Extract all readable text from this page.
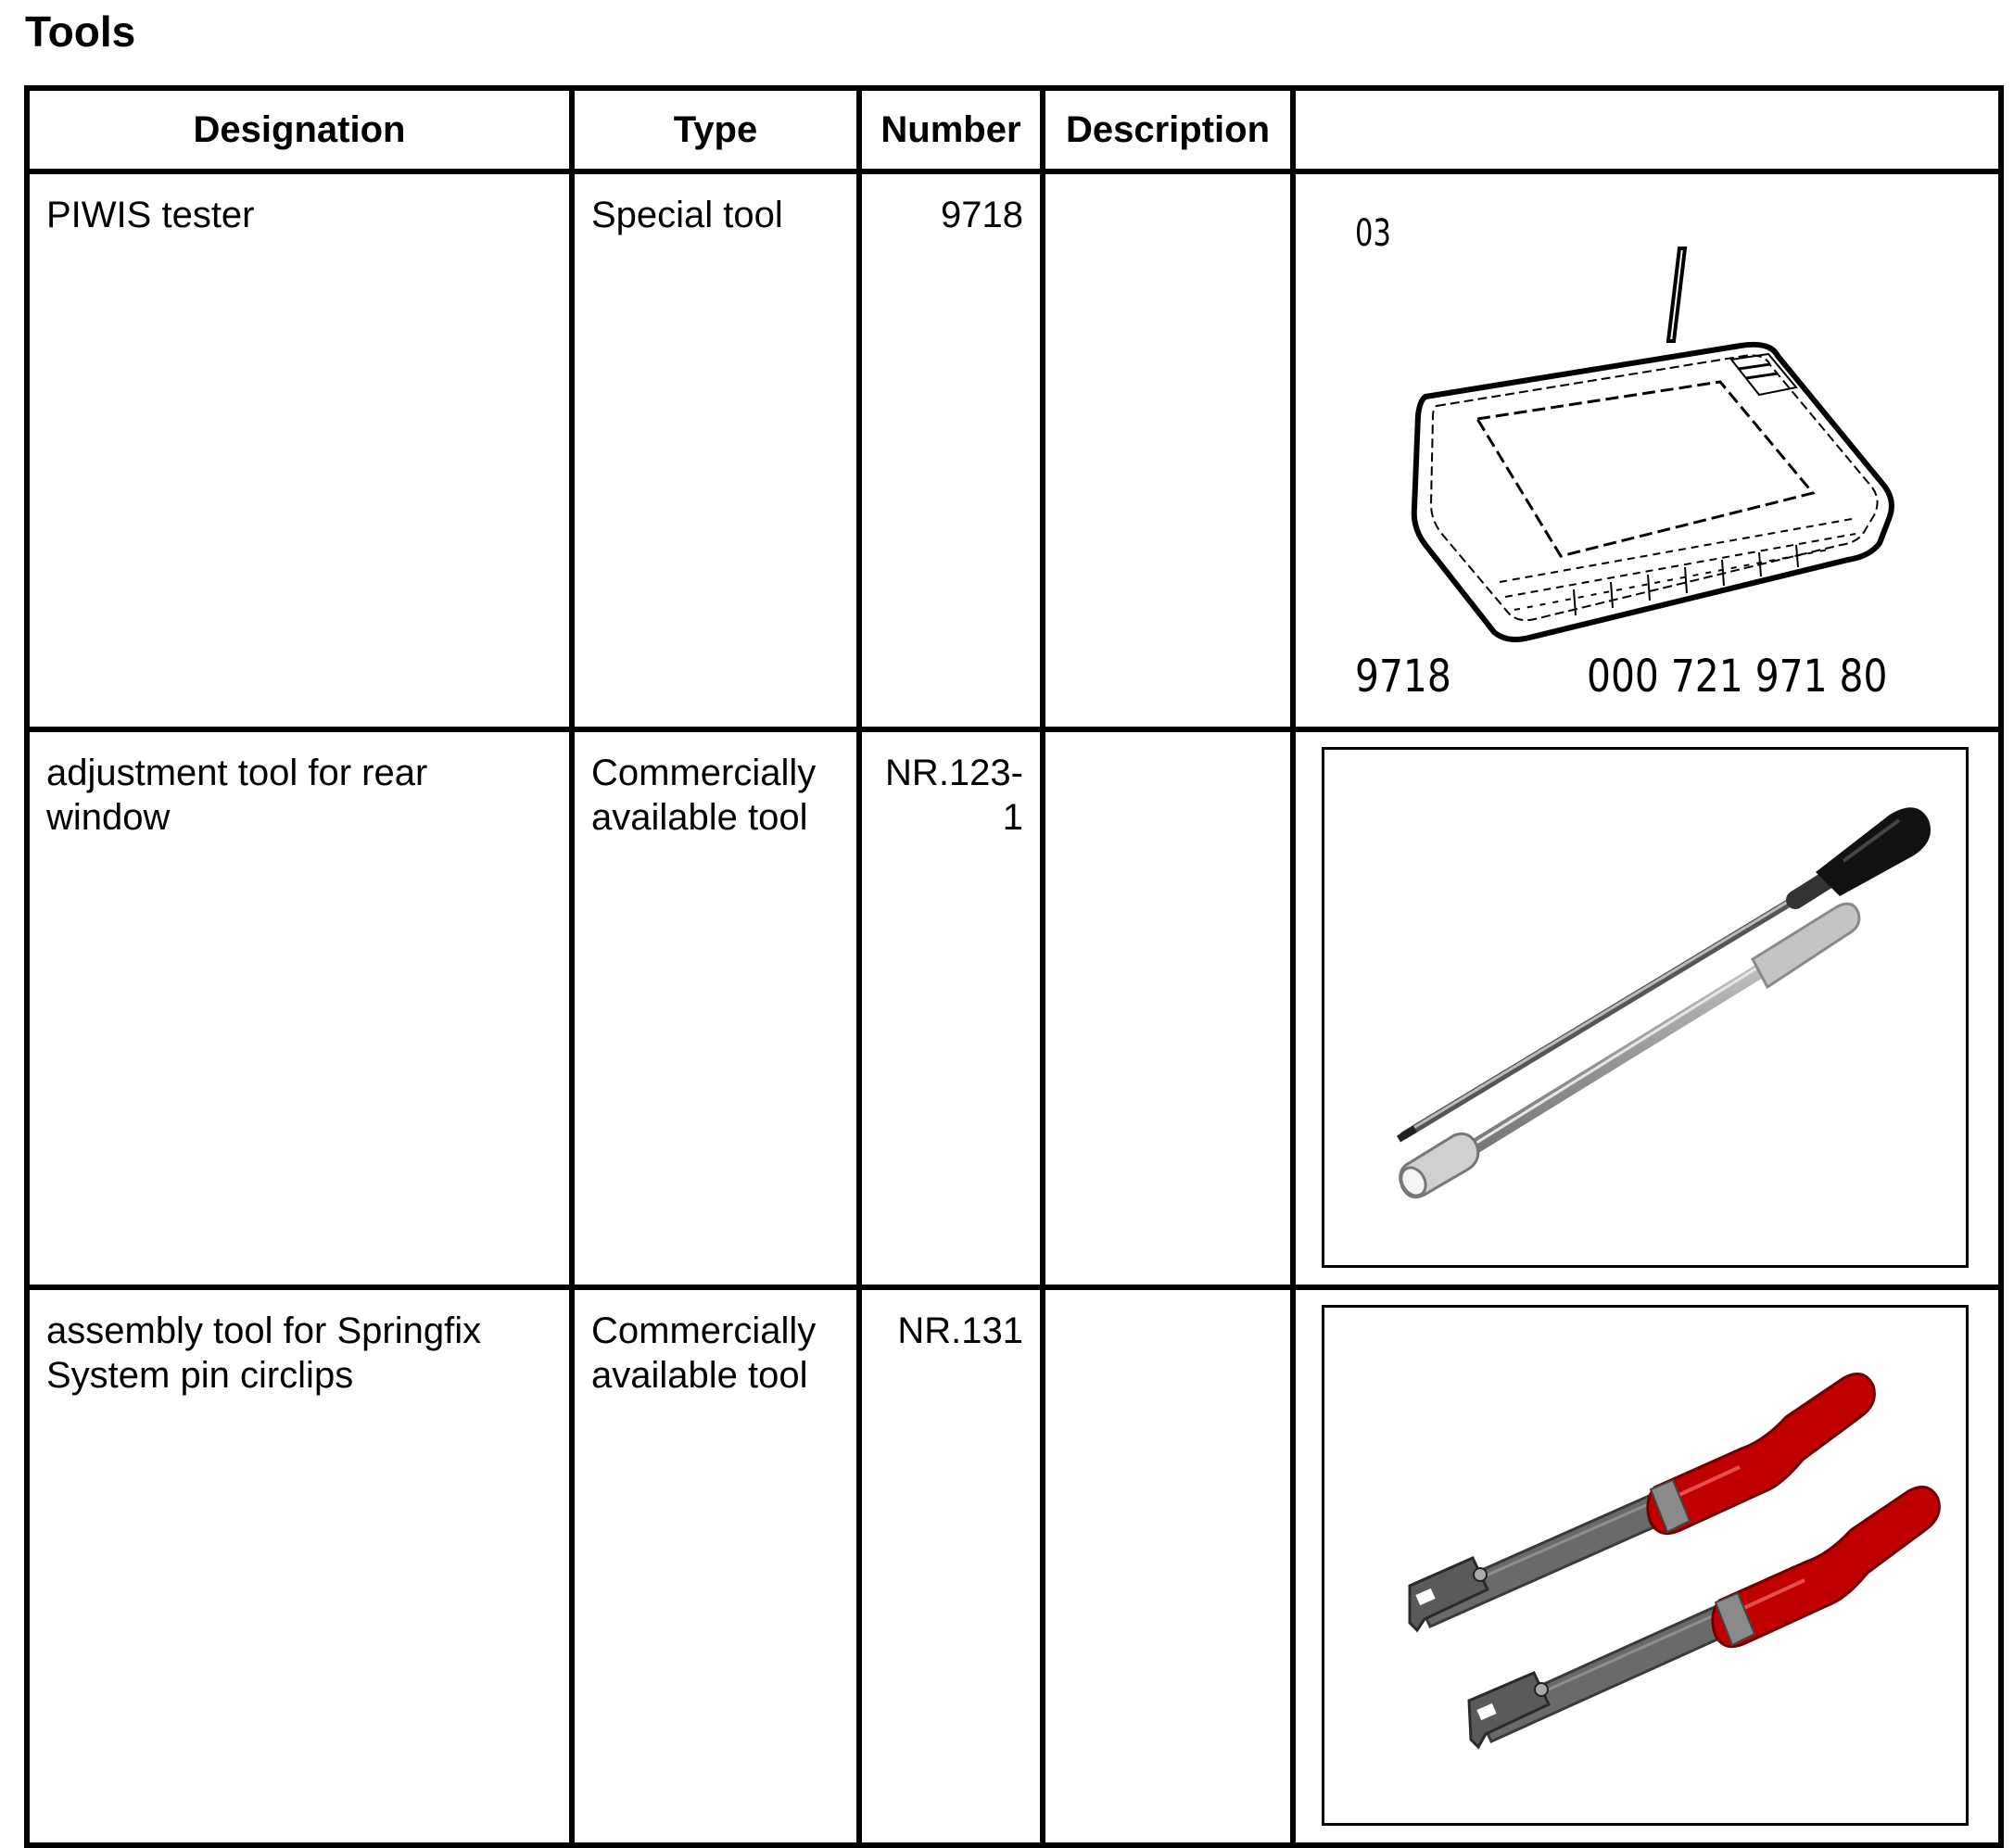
Tools
Designation	Type	Number	Description	

PIWIS tester	Special tool	9718		03
9718 000 721 971 80

adjustment tool for rear window	Commercially available tool	NR.123-1

assembly tool for Springfix System pin circlips	Commercially available tool	NR.131
